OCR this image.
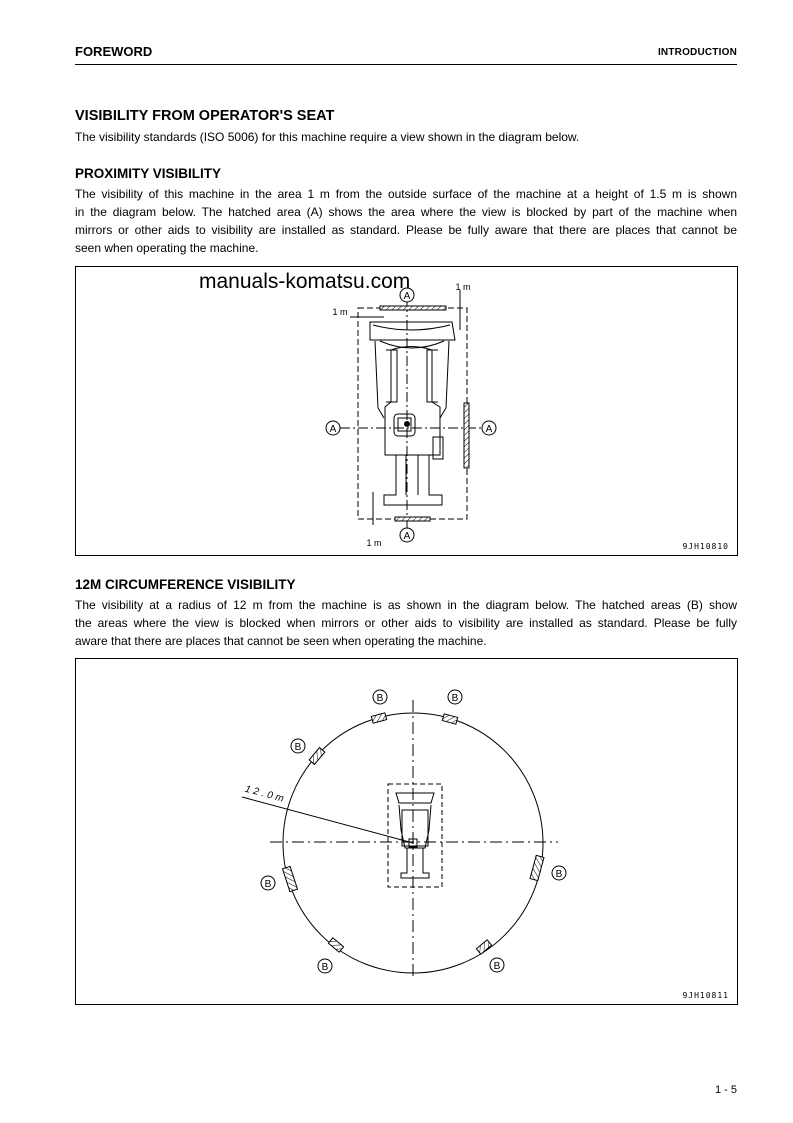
FOREWORD	INTRODUCTION
VISIBILITY FROM OPERATOR'S SEAT
The visibility standards (ISO 5006) for this machine require a view shown in the diagram below.
PROXIMITY VISIBILITY
The visibility of this machine in the area 1 m from the outside surface of the machine at a height of 1.5 m is shown
in the diagram below. The hatched area (A) shows the area where the view is blocked by part of the machine when
mirrors or other aids to visibility are installed as standard. Please be fully aware that there are places that cannot be
seen when operating the machine.
9JH10810
manuals-komatsu.com
A
A	A
A
1 m
1 m
1 m
B	B
B
B
B
B	B
12.0m
12M CIRCUMFERENCE VISIBILITY
The visibility at a radius of 12 m from the machine is as shown in the diagram below. The hatched areas (B) show
the areas where the view is blocked when mirrors or other aids to visibility are installed as standard. Please be fully
aware that there are places that cannot be seen when operating the machine.
9JH10811
1 - 5
